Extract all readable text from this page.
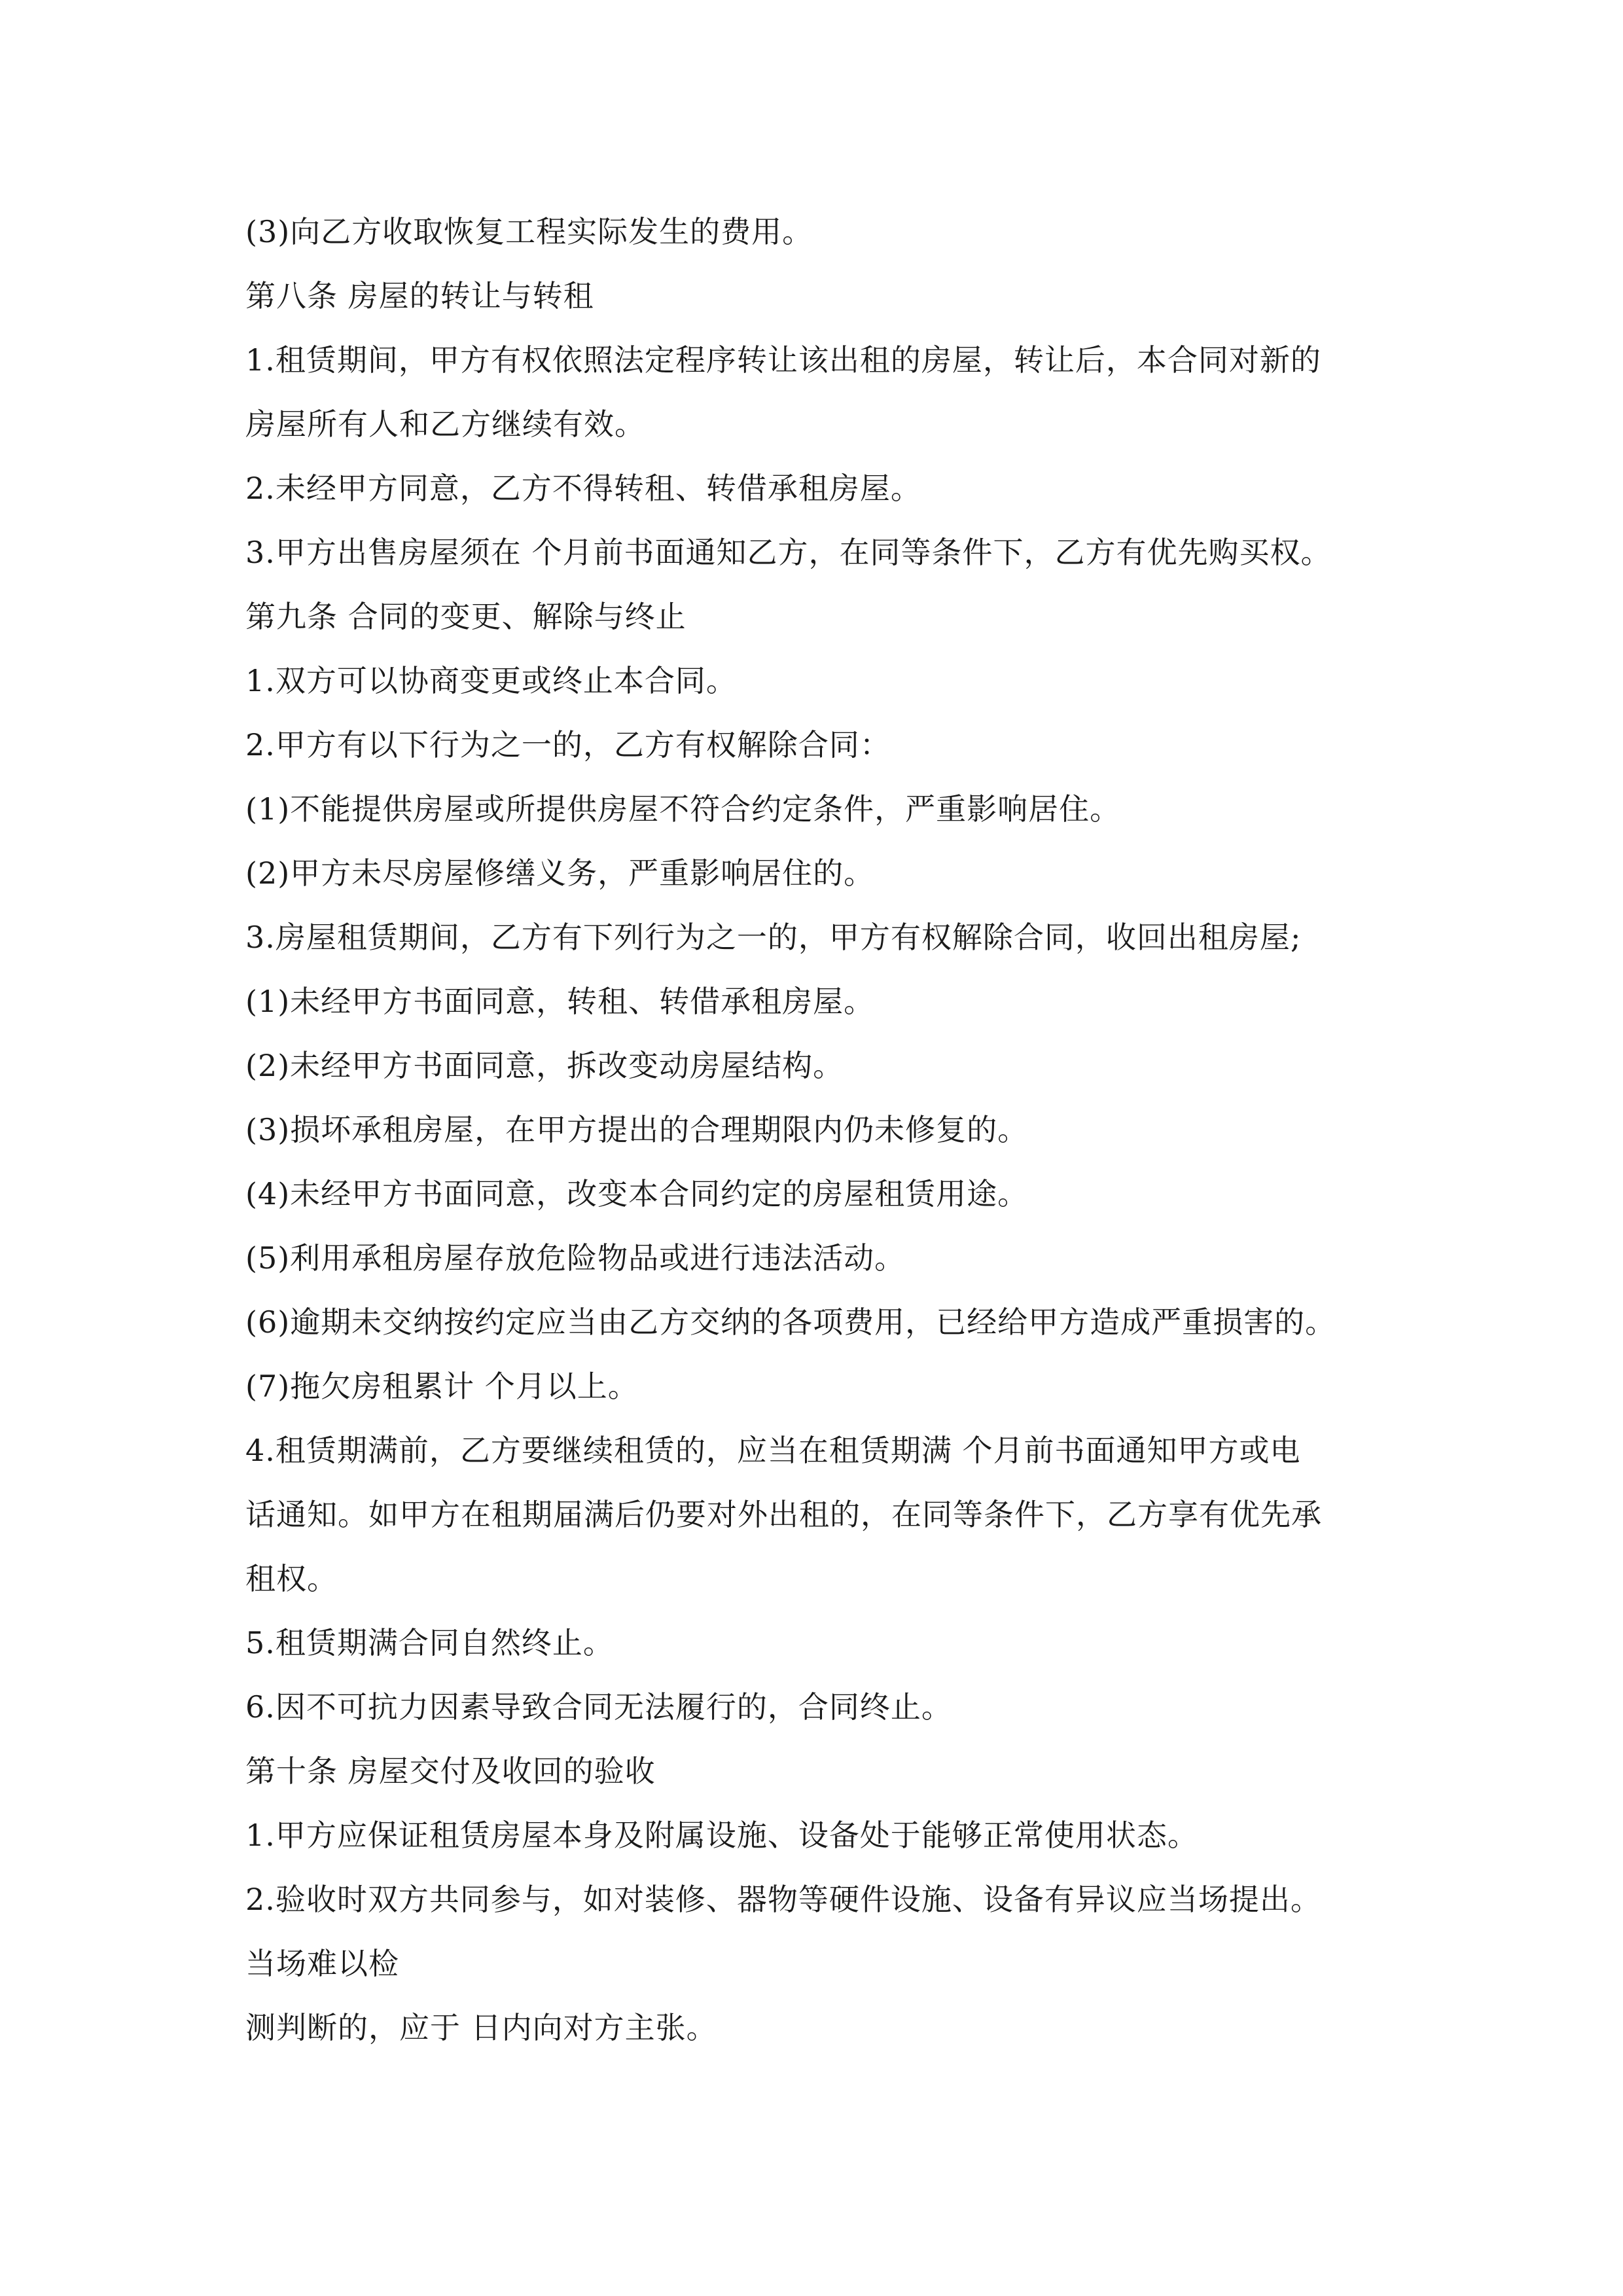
(3)向乙方收取恢复工程实际发生的费用。
第八条 房屋的转让与转租
1.租赁期间，甲方有权依照法定程序转让该出租的房屋，转让后，本合同对新的
房屋所有人和乙方继续有效。
2.未经甲方同意，乙方不得转租、转借承租房屋。
3.甲方出售房屋须在 个月前书面通知乙方，在同等条件下，乙方有优先购买权。
第九条 合同的变更、解除与终止
1.双方可以协商变更或终止本合同。
2.甲方有以下行为之一的，乙方有权解除合同：
(1)不能提供房屋或所提供房屋不符合约定条件，严重影响居住。
(2)甲方未尽房屋修缮义务，严重影响居住的。
3.房屋租赁期间，乙方有下列行为之一的，甲方有权解除合同，收回出租房屋;
(1)未经甲方书面同意，转租、转借承租房屋。
(2)未经甲方书面同意，拆改变动房屋结构。
(3)损坏承租房屋，在甲方提出的合理期限内仍未修复的。
(4)未经甲方书面同意，改变本合同约定的房屋租赁用途。
(5)利用承租房屋存放危险物品或进行违法活动。
(6)逾期未交纳按约定应当由乙方交纳的各项费用，已经给甲方造成严重损害的。
(7)拖欠房租累计 个月以上。
4.租赁期满前，乙方要继续租赁的，应当在租赁期满 个月前书面通知甲方或电
话通知。如甲方在租期届满后仍要对外出租的，在同等条件下，乙方享有优先承
租权。
5.租赁期满合同自然终止。
6.因不可抗力因素导致合同无法履行的，合同终止。
第十条 房屋交付及收回的验收
1.甲方应保证租赁房屋本身及附属设施、设备处于能够正常使用状态。
2.验收时双方共同参与，如对装修、器物等硬件设施、设备有异议应当场提出。
当场难以检
测判断的，应于 日内向对方主张。
